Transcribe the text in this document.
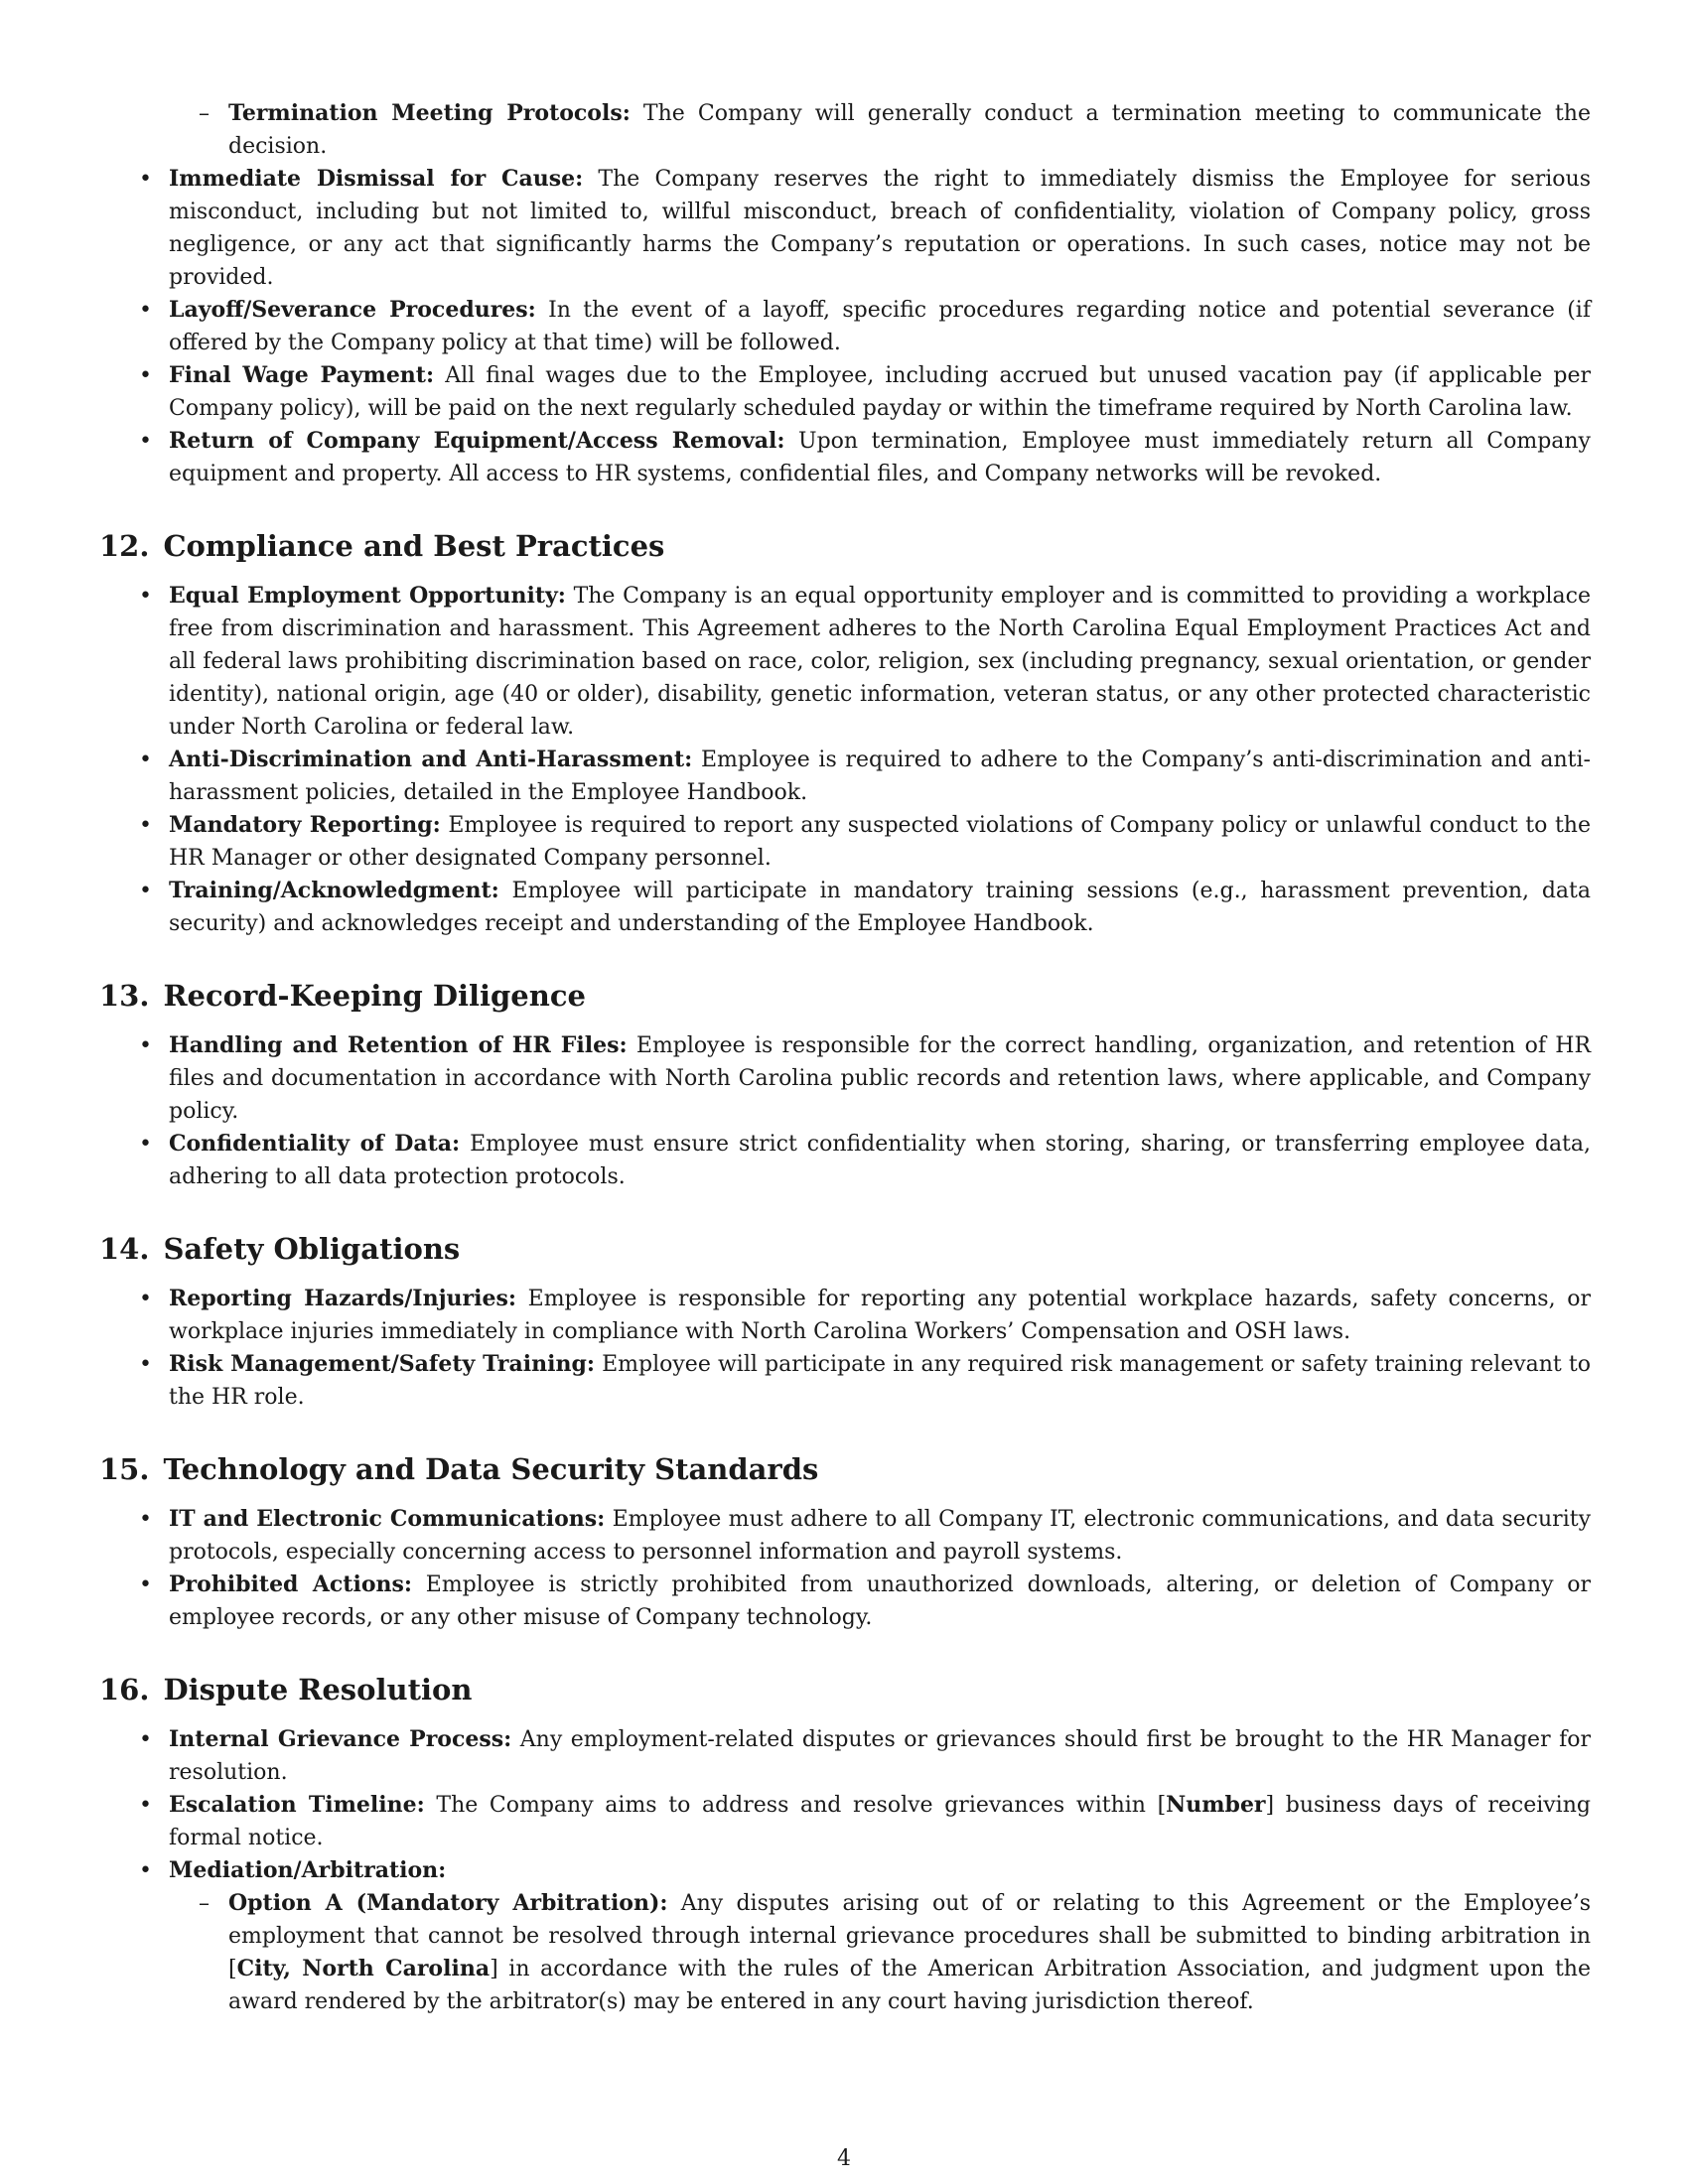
– Termination Meeting Protocols: The Company will generally conduct a termination meeting to communicate the decision.
• Immediate Dismissal for Cause: The Company reserves the right to immediately dismiss the Employee for serious misconduct, including but not limited to, willful misconduct, breach of confidentiality, violation of Company policy, gross negligence, or any act that significantly harms the Company’s reputation or operations. In such cases, notice may not be provided.
• Layoff/Severance Procedures: In the event of a layoff, specific procedures regarding notice and potential severance (if offered by the Company policy at that time) will be followed.
• Final Wage Payment: All final wages due to the Employee, including accrued but unused vacation pay (if applicable per Company policy), will be paid on the next regularly scheduled payday or within the timeframe required by North Carolina law.
• Return of Company Equipment/Access Removal: Upon termination, Employee must immediately return all Company equipment and property. All access to HR systems, confidential files, and Company networks will be revoked.
12. Compliance and Best Practices
• Equal Employment Opportunity: The Company is an equal opportunity employer and is committed to providing a workplace free from discrimination and harassment. This Agreement adheres to the North Carolina Equal Employment Practices Act and all federal laws prohibiting discrimination based on race, color, religion, sex (including pregnancy, sexual orientation, or gender identity), national origin, age (40 or older), disability, genetic information, veteran status, or any other protected characteristic under North Carolina or federal law.
• Anti-Discrimination and Anti-Harassment: Employee is required to adhere to the Company’s anti-discrimination and anti-harassment policies, detailed in the Employee Handbook.
• Mandatory Reporting: Employee is required to report any suspected violations of Company policy or unlawful conduct to the HR Manager or other designated Company personnel.
• Training/Acknowledgment: Employee will participate in mandatory training sessions (e.g., harassment prevention, data security) and acknowledges receipt and understanding of the Employee Handbook.
13. Record-Keeping Diligence
• Handling and Retention of HR Files: Employee is responsible for the correct handling, organization, and retention of HR files and documentation in accordance with North Carolina public records and retention laws, where applicable, and Company policy.
• Confidentiality of Data: Employee must ensure strict confidentiality when storing, sharing, or transferring employee data, adhering to all data protection protocols.
14. Safety Obligations
• Reporting Hazards/Injuries: Employee is responsible for reporting any potential workplace hazards, safety concerns, or workplace injuries immediately in compliance with North Carolina Workers’ Compensation and OSH laws.
• Risk Management/Safety Training: Employee will participate in any required risk management or safety training relevant to the HR role.
15. Technology and Data Security Standards
• IT and Electronic Communications: Employee must adhere to all Company IT, electronic communications, and data security protocols, especially concerning access to personnel information and payroll systems.
• Prohibited Actions: Employee is strictly prohibited from unauthorized downloads, altering, or deletion of Company or employee records, or any other misuse of Company technology.
16. Dispute Resolution
• Internal Grievance Process: Any employment-related disputes or grievances should first be brought to the HR Manager for resolution.
• Escalation Timeline: The Company aims to address and resolve grievances within [Number] business days of receiving formal notice.
• Mediation/Arbitration:
– Option A (Mandatory Arbitration): Any disputes arising out of or relating to this Agreement or the Employee’s employment that cannot be resolved through internal grievance procedures shall be submitted to binding arbitration in [City, North Carolina] in accordance with the rules of the American Arbitration Association, and judgment upon the award rendered by the arbitrator(s) may be entered in any court having jurisdiction thereof.
4
